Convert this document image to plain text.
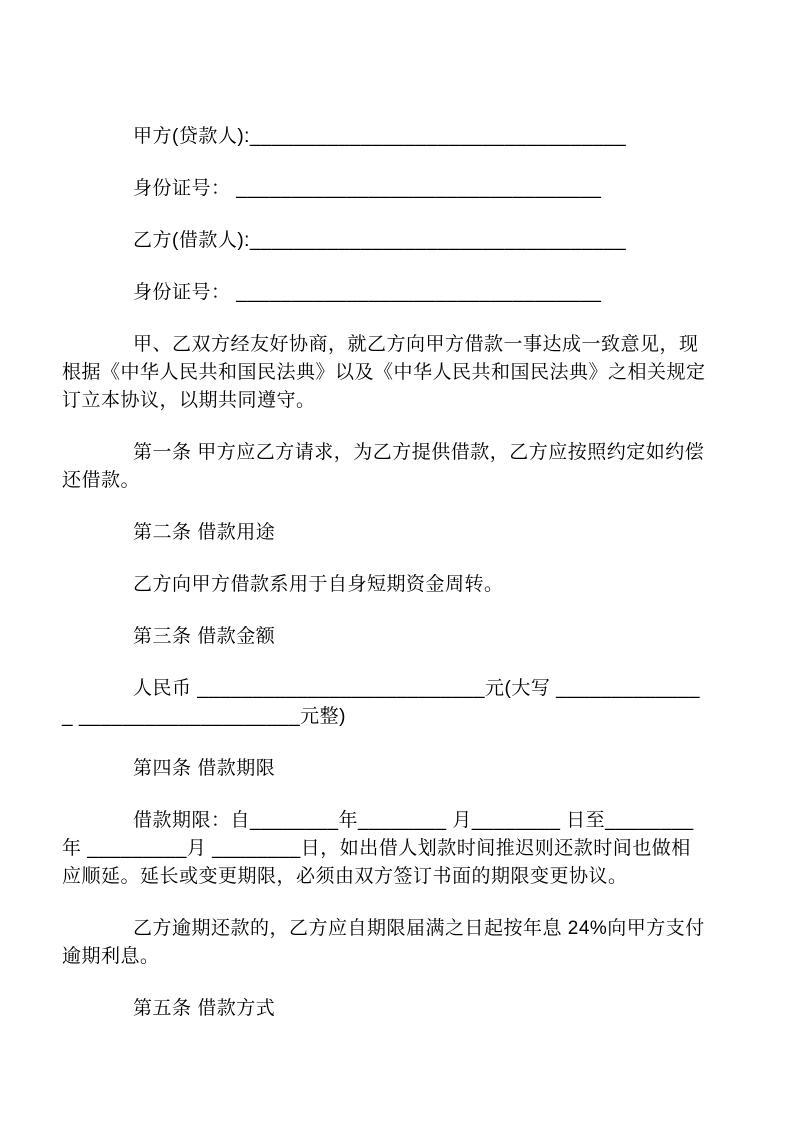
甲方(贷款人):__________________________________

身份证号： _________________________________

乙方(借款人):__________________________________

身份证号： _________________________________

甲、乙双方经友好协商，就乙方向甲方借款一事达成一致意见，现根据《中华人民共和国民法典》以及《中华人民共和国民法典》之相关规定订立本协议，以期共同遵守。

第一条 甲方应乙方请求，为乙方提供借款，乙方应按照约定如约偿还借款。

第二条 借款用途

乙方向甲方借款系用于自身短期资金周转。

第三条 借款金额

人民币 __________________________元(大写 ______________ ____________________元整)

第四条 借款期限

借款期限：自________年________ 月________ 日至________ 年 _________月 ________日，如出借人划款时间推迟则还款时间也做相应顺延。延长或变更期限，必须由双方签订书面的期限变更协议。

乙方逾期还款的，乙方应自期限届满之日起按年息 24%向甲方支付逾期利息。

第五条 借款方式
